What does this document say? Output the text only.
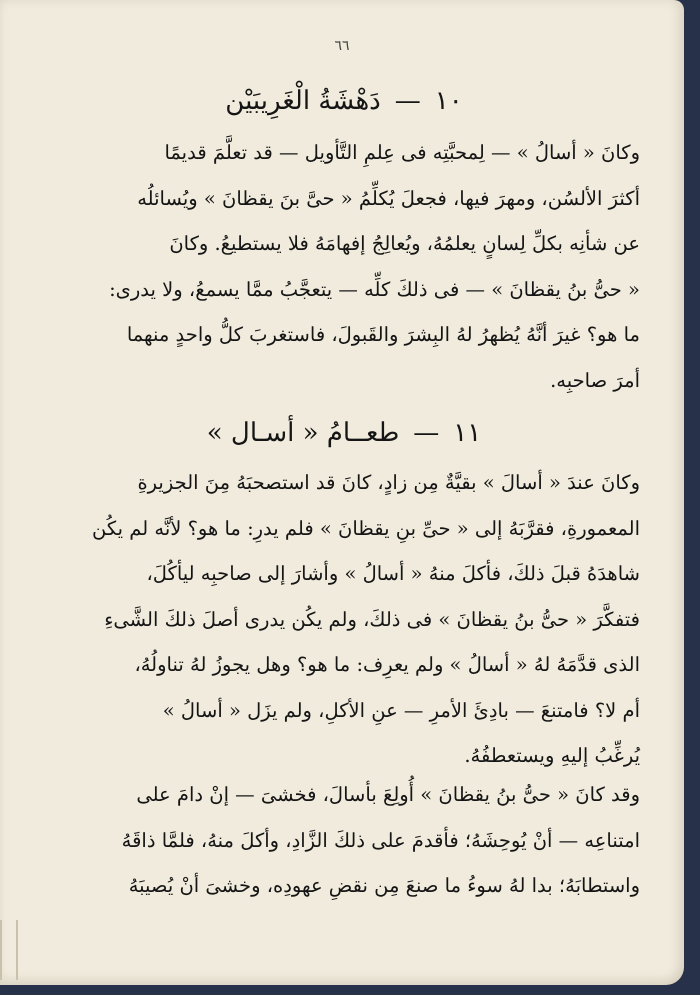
٦٦
١٠—دَهْشَةُ الْغَرِيبَيْن

وكانَ « أسالُ » — لِمحبَّتِه فى عِلمِ التَّأويل — قد تعلَّمَ قديمًا
أكثرَ الألسُن، ومهرَ فيها، فجعلَ يُكلِّمُ « حىَّ بنَ يقظانَ » ويُسائلُه
عن شأنِه بكلِّ لِسانٍ يعلمُهُ، ويُعالِجُ إفهامَهُ فلا يستطيعُ. وكانَ
« حىُّ بنُ يقظانَ » — فى ذلكَ كلِّه — يتعجَّبُ ممَّا يسمعُ، ولا يدرى:
ما هو؟ غيرَ أنَّهُ يُظهرُ لهُ البِشرَ والقَبولَ، فاستغربَ كلُّ واحدٍ منهما
أمرَ صاحبِه.

١١—طعــامُ « أسـال »

وكانَ عندَ « أسالَ » بقيَّةٌ مِن زادٍ، كانَ قد استصحبَهُ مِنَ الجزيرةِ
المعمورةِ، فقرَّبَهُ إلى « حىِّ بنِ يقظانَ » فلم يدرِ: ما هو؟ لأنَّه لم يكُن
شاهدَهُ قبلَ ذلكَ، فأكلَ منهُ « أسالُ » وأشارَ إلى صاحبِه ليأكُلَ،
فتفكَّرَ « حىُّ بنُ يقظانَ » فى ذلكَ، ولم يكُن يدرى أصلَ ذلكَ الشَّىءِ
الذى قدَّمَهُ لهُ « أسالُ » ولم يعرِف: ما هو؟ وهل يجوزُ لهُ تناولُهُ،
أم لا؟ فامتنعَ — بادِئَ الأمرِ — عنِ الأكلِ، ولم يزَل « أسالُ »
يُرغِّبُ إليهِ ويستعطفُهُ.

وقد كانَ « حىُّ بنُ يقظانَ » أُولِعَ بأسالَ، فخشىَ — إنْ دامَ على
امتناعِه — أنْ يُوحِشَهُ؛ فأقدمَ على ذلكَ الزَّادِ، وأكلَ منهُ، فلمَّا ذاقَهُ
واستطابَهُ؛ بدا لهُ سوءُ ما صنعَ مِن نقضِ عهودِه، وخشىَ أنْ يُصيبَهُ
